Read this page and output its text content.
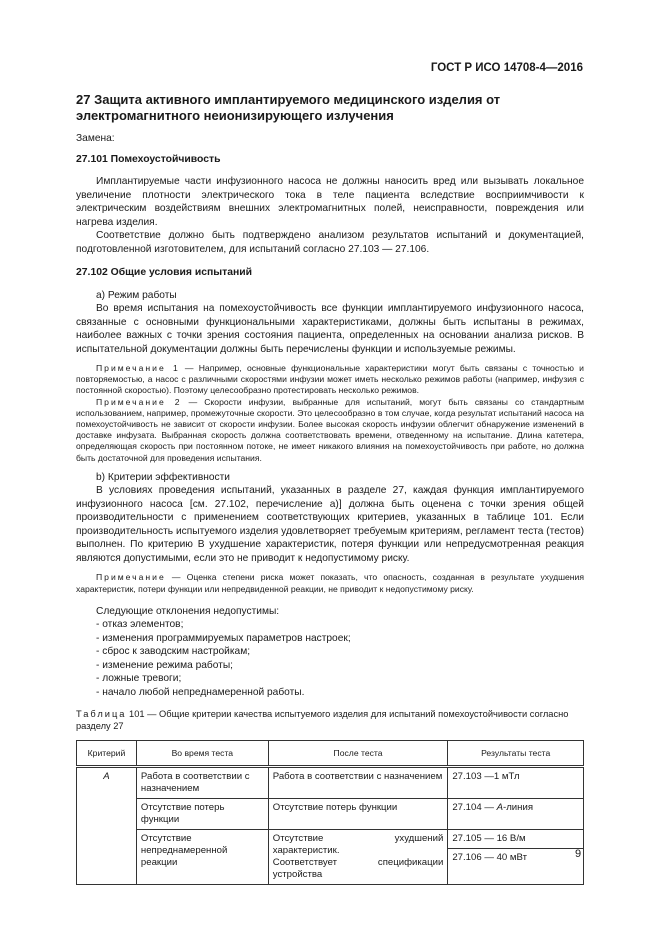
ГОСТ Р ИСО 14708-4—2016
27 Защита активного имплантируемого медицинского изделия от электромагнитного неионизирующего излучения
Замена:
27.101 Помехоустойчивость
Имплантируемые части инфузионного насоса не должны наносить вред или вызывать локальное увеличение плотности электрического тока в теле пациента вследствие восприимчивости к электрическим воздействиям внешних электромагнитных полей, неисправности, повреждения или нагрева изделия.
Соответствие должно быть подтверждено анализом результатов испытаний и документацией, подготовленной изготовителем, для испытаний согласно 27.103 — 27.106.
27.102 Общие условия испытаний
а) Режим работы
Во время испытания на помехоустойчивость все функции имплантируемого инфузионного насоса, связанные с основными функциональными характеристиками, должны быть испытаны в режимах, наиболее важных с точки зрения состояния пациента, определенных на основании анализа рисков. В испытательной документации должны быть перечислены функции и используемые режимы.
Примечание 1 — Например, основные функциональные характеристики могут быть связаны с точностью и повторяемостью, а насос с различными скоростями инфузии может иметь несколько режимов работы (например, инфузия с постоянной скоростью). Поэтому целесообразно протестировать несколько режимов.
Примечание 2 — Скорости инфузии, выбранные для испытаний, могут быть связаны со стандартным использованием, например, промежуточные скорости. Это целесообразно в том случае, когда результат испытаний насоса на помехоустойчивость не зависит от скорости инфузии. Более высокая скорость инфузии облегчит обнаружение изменений в доставке инфузата. Выбранная скорость должна соответствовать времени, отведенному на испытание. Длина катетера, определяющая скорость при постоянном потоке, не имеет никакого влияния на помехоустойчивость при работе, но должна быть достаточной для проведения испытания.
b) Критерии эффективности
В условиях проведения испытаний, указанных в разделе 27, каждая функция имплантируемого инфузионного насоса [см. 27.102, перечисление а)] должна быть оценена с точки зрения общей производительности с применением соответствующих критериев, указанных в таблице 101. Если производительность испытуемого изделия удовлетворяет требуемым критериям, регламент теста (тестов) выполнен. По критерию В ухудшение характеристик, потеря функции или непредусмотренная реакция являются допустимыми, если это не приводит к недопустимому риску.
Примечание — Оценка степени риска может показать, что опасность, созданная в результате ухудшения характеристик, потери функции или непредвиденной реакции, не приводит к недопустимому риску.
Следующие отклонения недопустимы:
- отказ элементов;
- изменения программируемых параметров настроек;
- сброс к заводским настройкам;
- изменение режима работы;
- ложные тревоги;
- начало любой непреднамеренной работы.
Таблица 101 — Общие критерии качества испытуемого изделия для испытаний помехоустойчивости согласно разделу 27
Критерий	Во время теста	После теста	Результаты теста
А	Работа в соответствии с назначением	Работа в соответствии с назначением	27.103 —1 мТл
	Отсутствие потерь функции	Отсутствие потерь функции	27.104 — А-линия
	Отсутствие непреднамеренной реакции	Отсутствие ухудшений характеристик.
Соответствует спецификации устройства	27.105 — 16 В/м
			27.106 — 40 мВт	9
